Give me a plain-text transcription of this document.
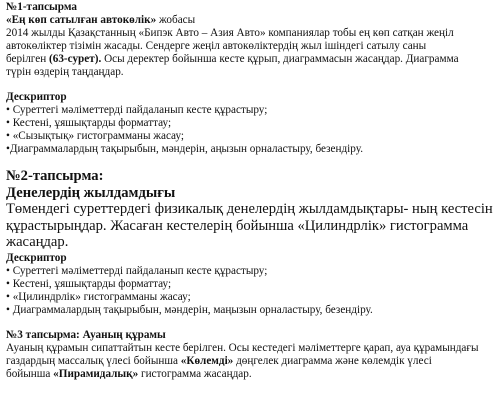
№1-тапсырма
«Ең көп сатылған автокөлік» жобасы
2014 жылды Қазақстанның «Бипэк Авто – Азия Авто» компаниялар тобы ең көп сатқан жеңіл
автокөліктер тізімін жасады. Сендерге жеңіл автокөліктердің жыл ішіндегі сатылу саны
берілген (63-сурет). Осы деректер бойынша кесте құрып, диаграммасын жасаңдар. Диаграмма
түрін өздерің таңдаңдар.
Дескриптор
• Суреттегі мәліметтерді пайдаланып кесте құрастыру;
• Кестені, ұяшықтарды форматтау;
• «Сызықтық» гистограмманы жасау;
•Диаграммалардың тақырыбын, мәндерін, аңызын орналастыру, безендіру.
№2-тапсырма:
Денелердің жылдамдығы
Төмендегі суреттердегі физикалық денелердің жылдамдықтары- ның кестесін
құрастырыңдар. Жасаған кестелерің бойынша «Цилиндрлік» гистограмма
жасаңдар.
Дескриптор
• Суреттегі мәліметтерді пайдаланып кесте құрастыру;
• Кестені, ұяшықтарды форматтау;
• «Цилиндрлік» гистограмманы жасау;
• Диаграммалардың тақырыбын, мәндерін, маңызын орналастыру, безендіру.
№3 тапсырма: Ауаның құрамы
Ауаның құрамын сипаттайтын кесте берілген. Осы кестедегі мәліметтерге қарап, ауа құрамындағы
газдардың массалық үлесі бойынша «Көлемді» дөңгелек диаграмма және көлемдік үлесі
бойынша «Пирамидалық» гистограмма жасаңдар.
